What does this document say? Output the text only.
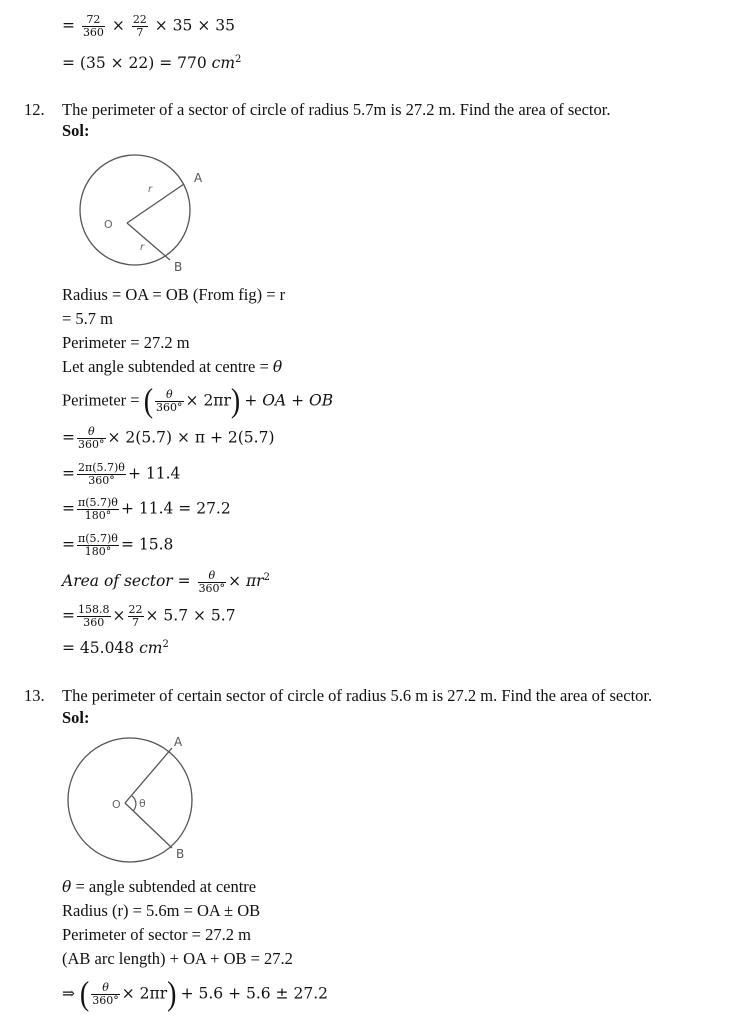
= $\frac{72}{360} \times \frac{22}{7} \times 35 \times 35$
= (35 × 22) = 770 $cm^2$
12. The perimeter of a sector of circle of radius 5.7m is 27.2 m. Find the area of sector.
Sol:
A
B
O
r
r
Radius = OA = OB (From fig) = r
= 5.7 m
Perimeter = 27.2 m
Let angle subtended at centre = θ
Perimeter = ( $\frac{\theta}{360^\circ} \times 2\pi r$) + OA + OB
= $\frac{\theta}{360^\circ} \times 2(5.7) \times \pi + 2(5.7)$
= $\frac{2\pi(5.7)\theta}{360^\circ} + 11.4$
= $\frac{\pi(5.7)\theta}{180^\circ} + 11.4 = 27.2$
= $\frac{\pi(5.7)\theta}{180^\circ} = 15.8$
Area of sector = $\frac{\theta}{360^\circ} \times \pi r^2$
= $\frac{158.8}{360} \times \frac{22}{7} \times 5.7 \times 5.7$
= 45.048 $cm^2$
13. The perimeter of certain sector of circle of radius 5.6 m is 27.2 m. Find the area of sector.
Sol:
A
B
O θ
θ = angle subtended at centre
Radius (r) = 5.6m = OA ± OB
Perimeter of sector = 27.2 m
(AB arc length) + OA + OB = 27.2
⇒ ( $\frac{\theta}{360^\circ} \times 2\pi r) + 5.6 + 5.6 \pm 27.2$
